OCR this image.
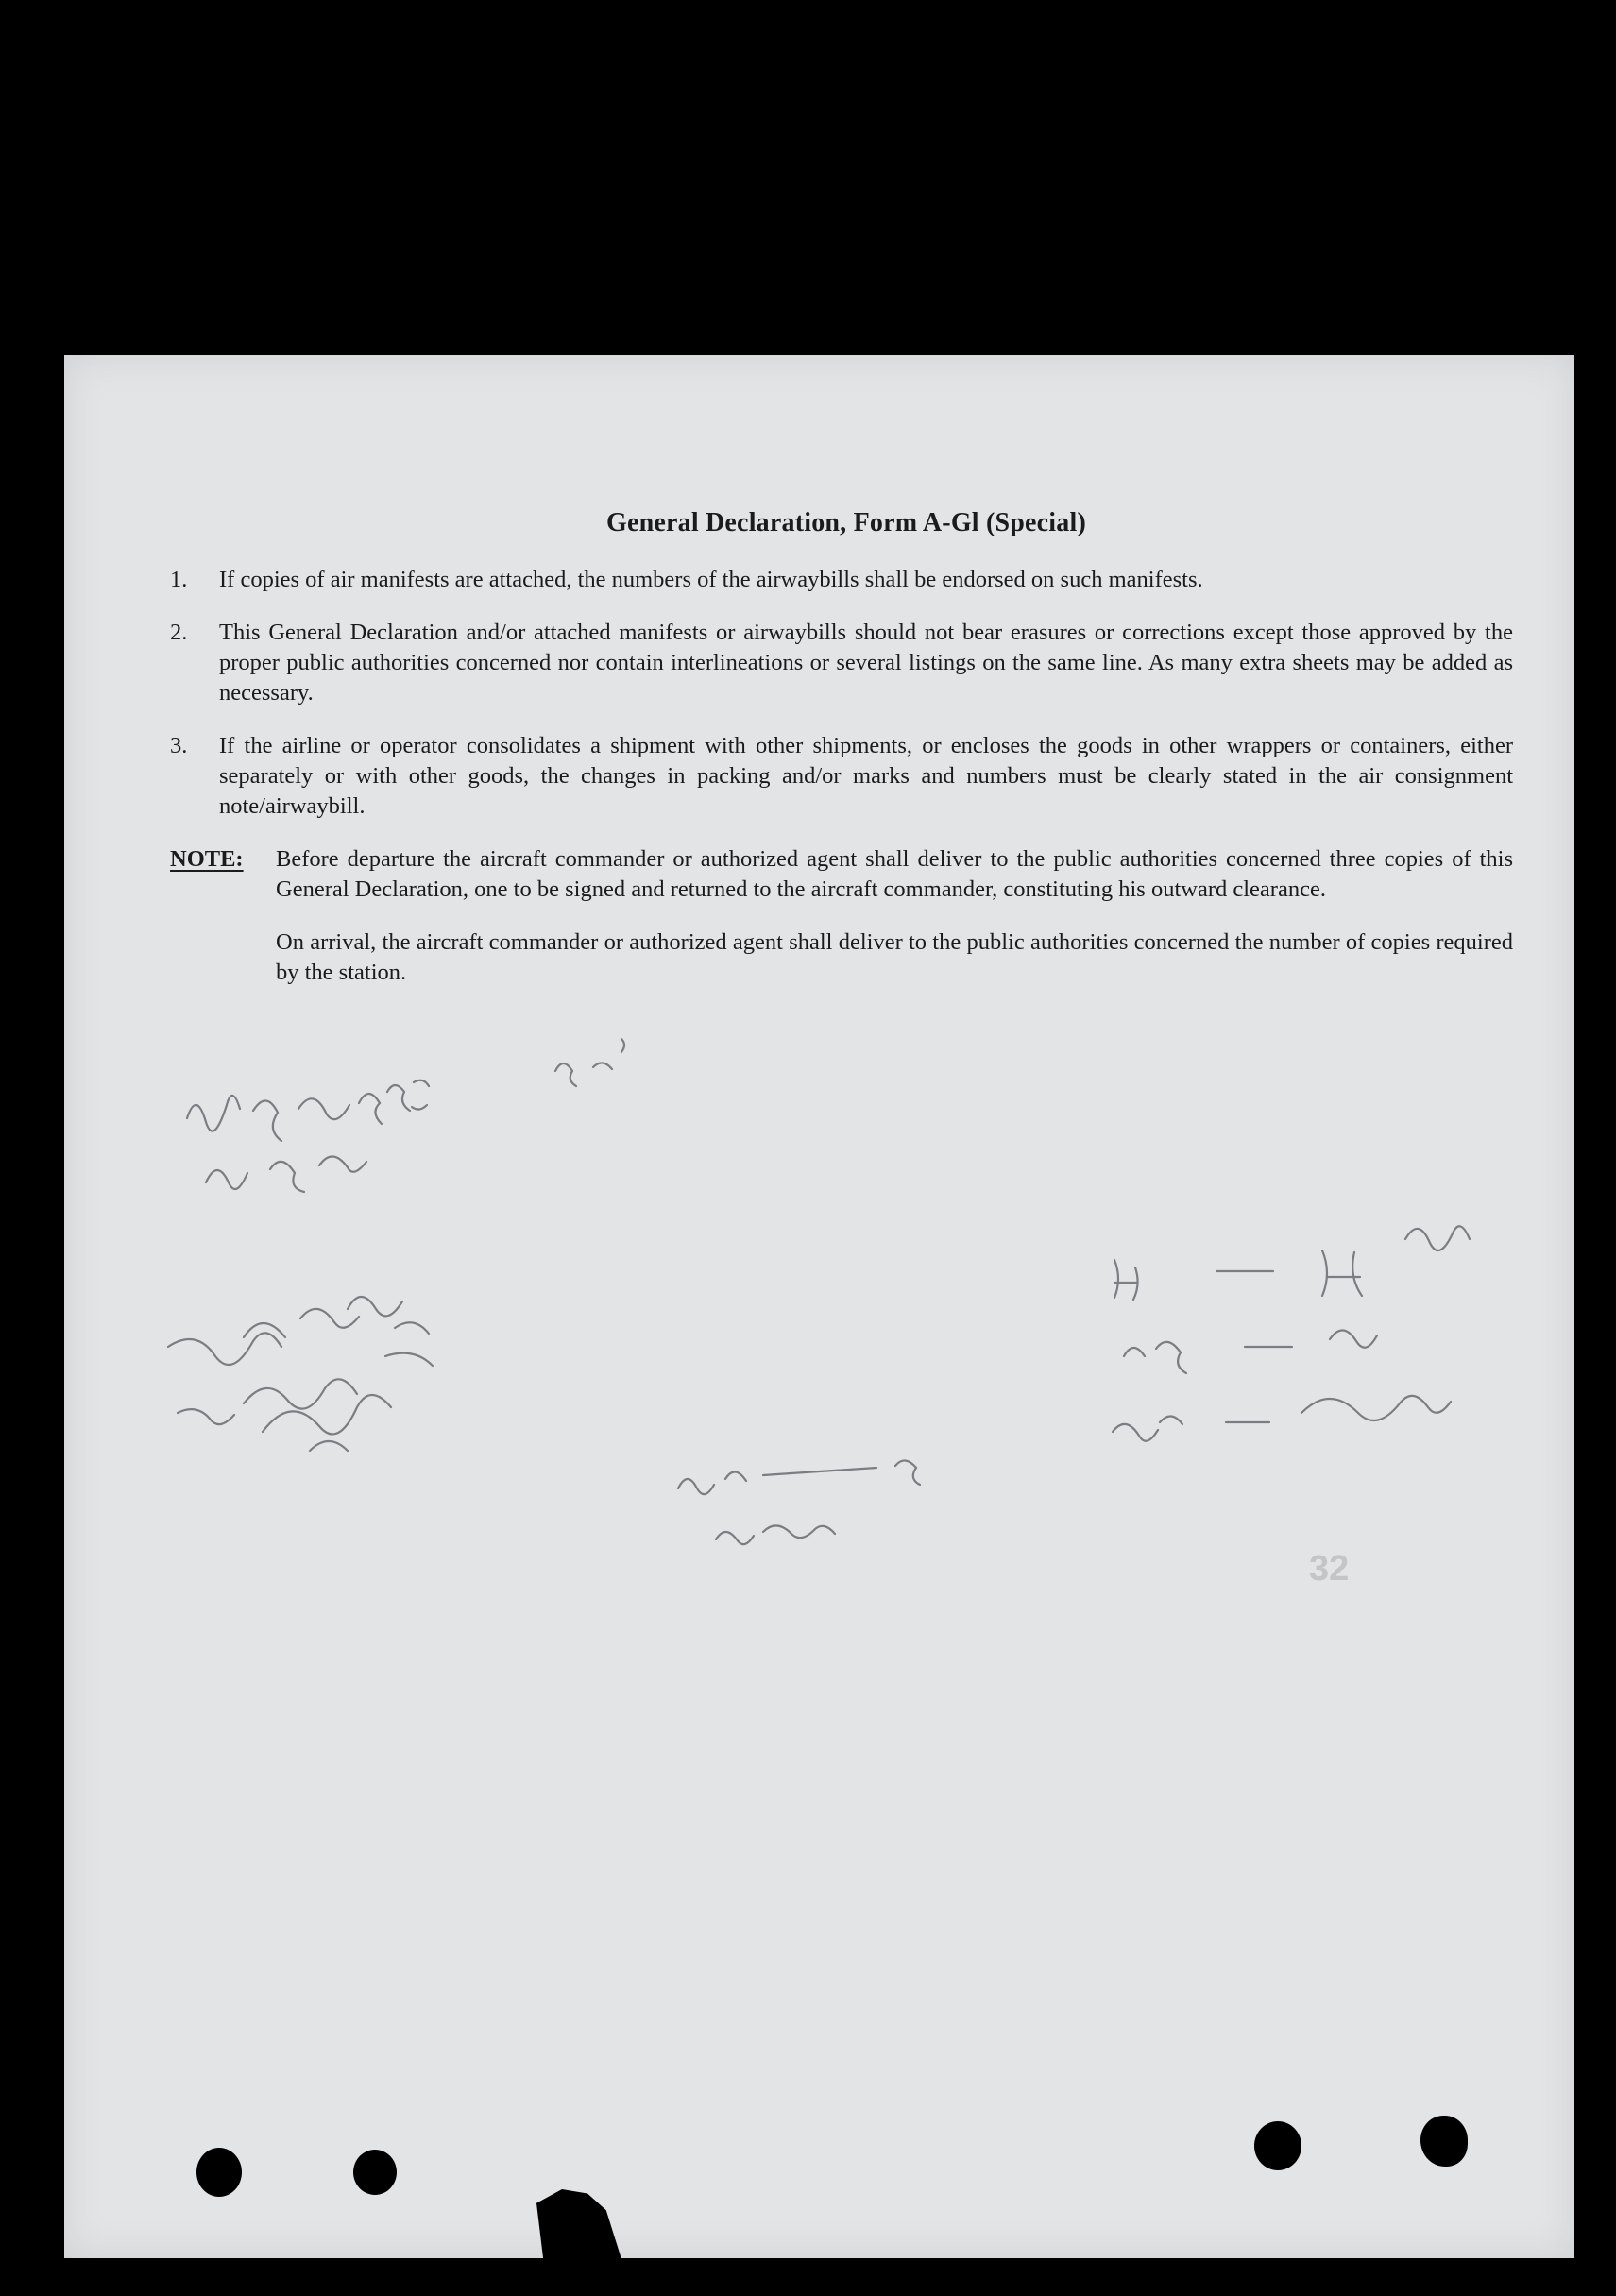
General Declaration, Form A-Gl (Special)
1.	If copies of air manifests are attached, the numbers of the airwaybills shall be endorsed on such manifests.
2.	This General Declaration and/or attached manifests or airwaybills should not bear erasures or corrections except those approved by the proper public authorities concerned nor contain interlineations or several listings on the same line. As many extra sheets may be added as necessary.
3.	If the airline or operator consolidates a shipment with other shipments, or encloses the goods in other wrappers or containers, either separately or with other goods, the changes in packing and/or marks and numbers must be clearly stated in the air consignment note/airwaybill.
NOTE:	Before departure the aircraft commander or authorized agent shall deliver to the public authorities concerned three copies of this General Declaration, one to be signed and returned to the aircraft commander, constituting his outward clearance.

On arrival, the aircraft commander or authorized agent shall deliver to the public authorities concerned the number of copies required by the station.

32
